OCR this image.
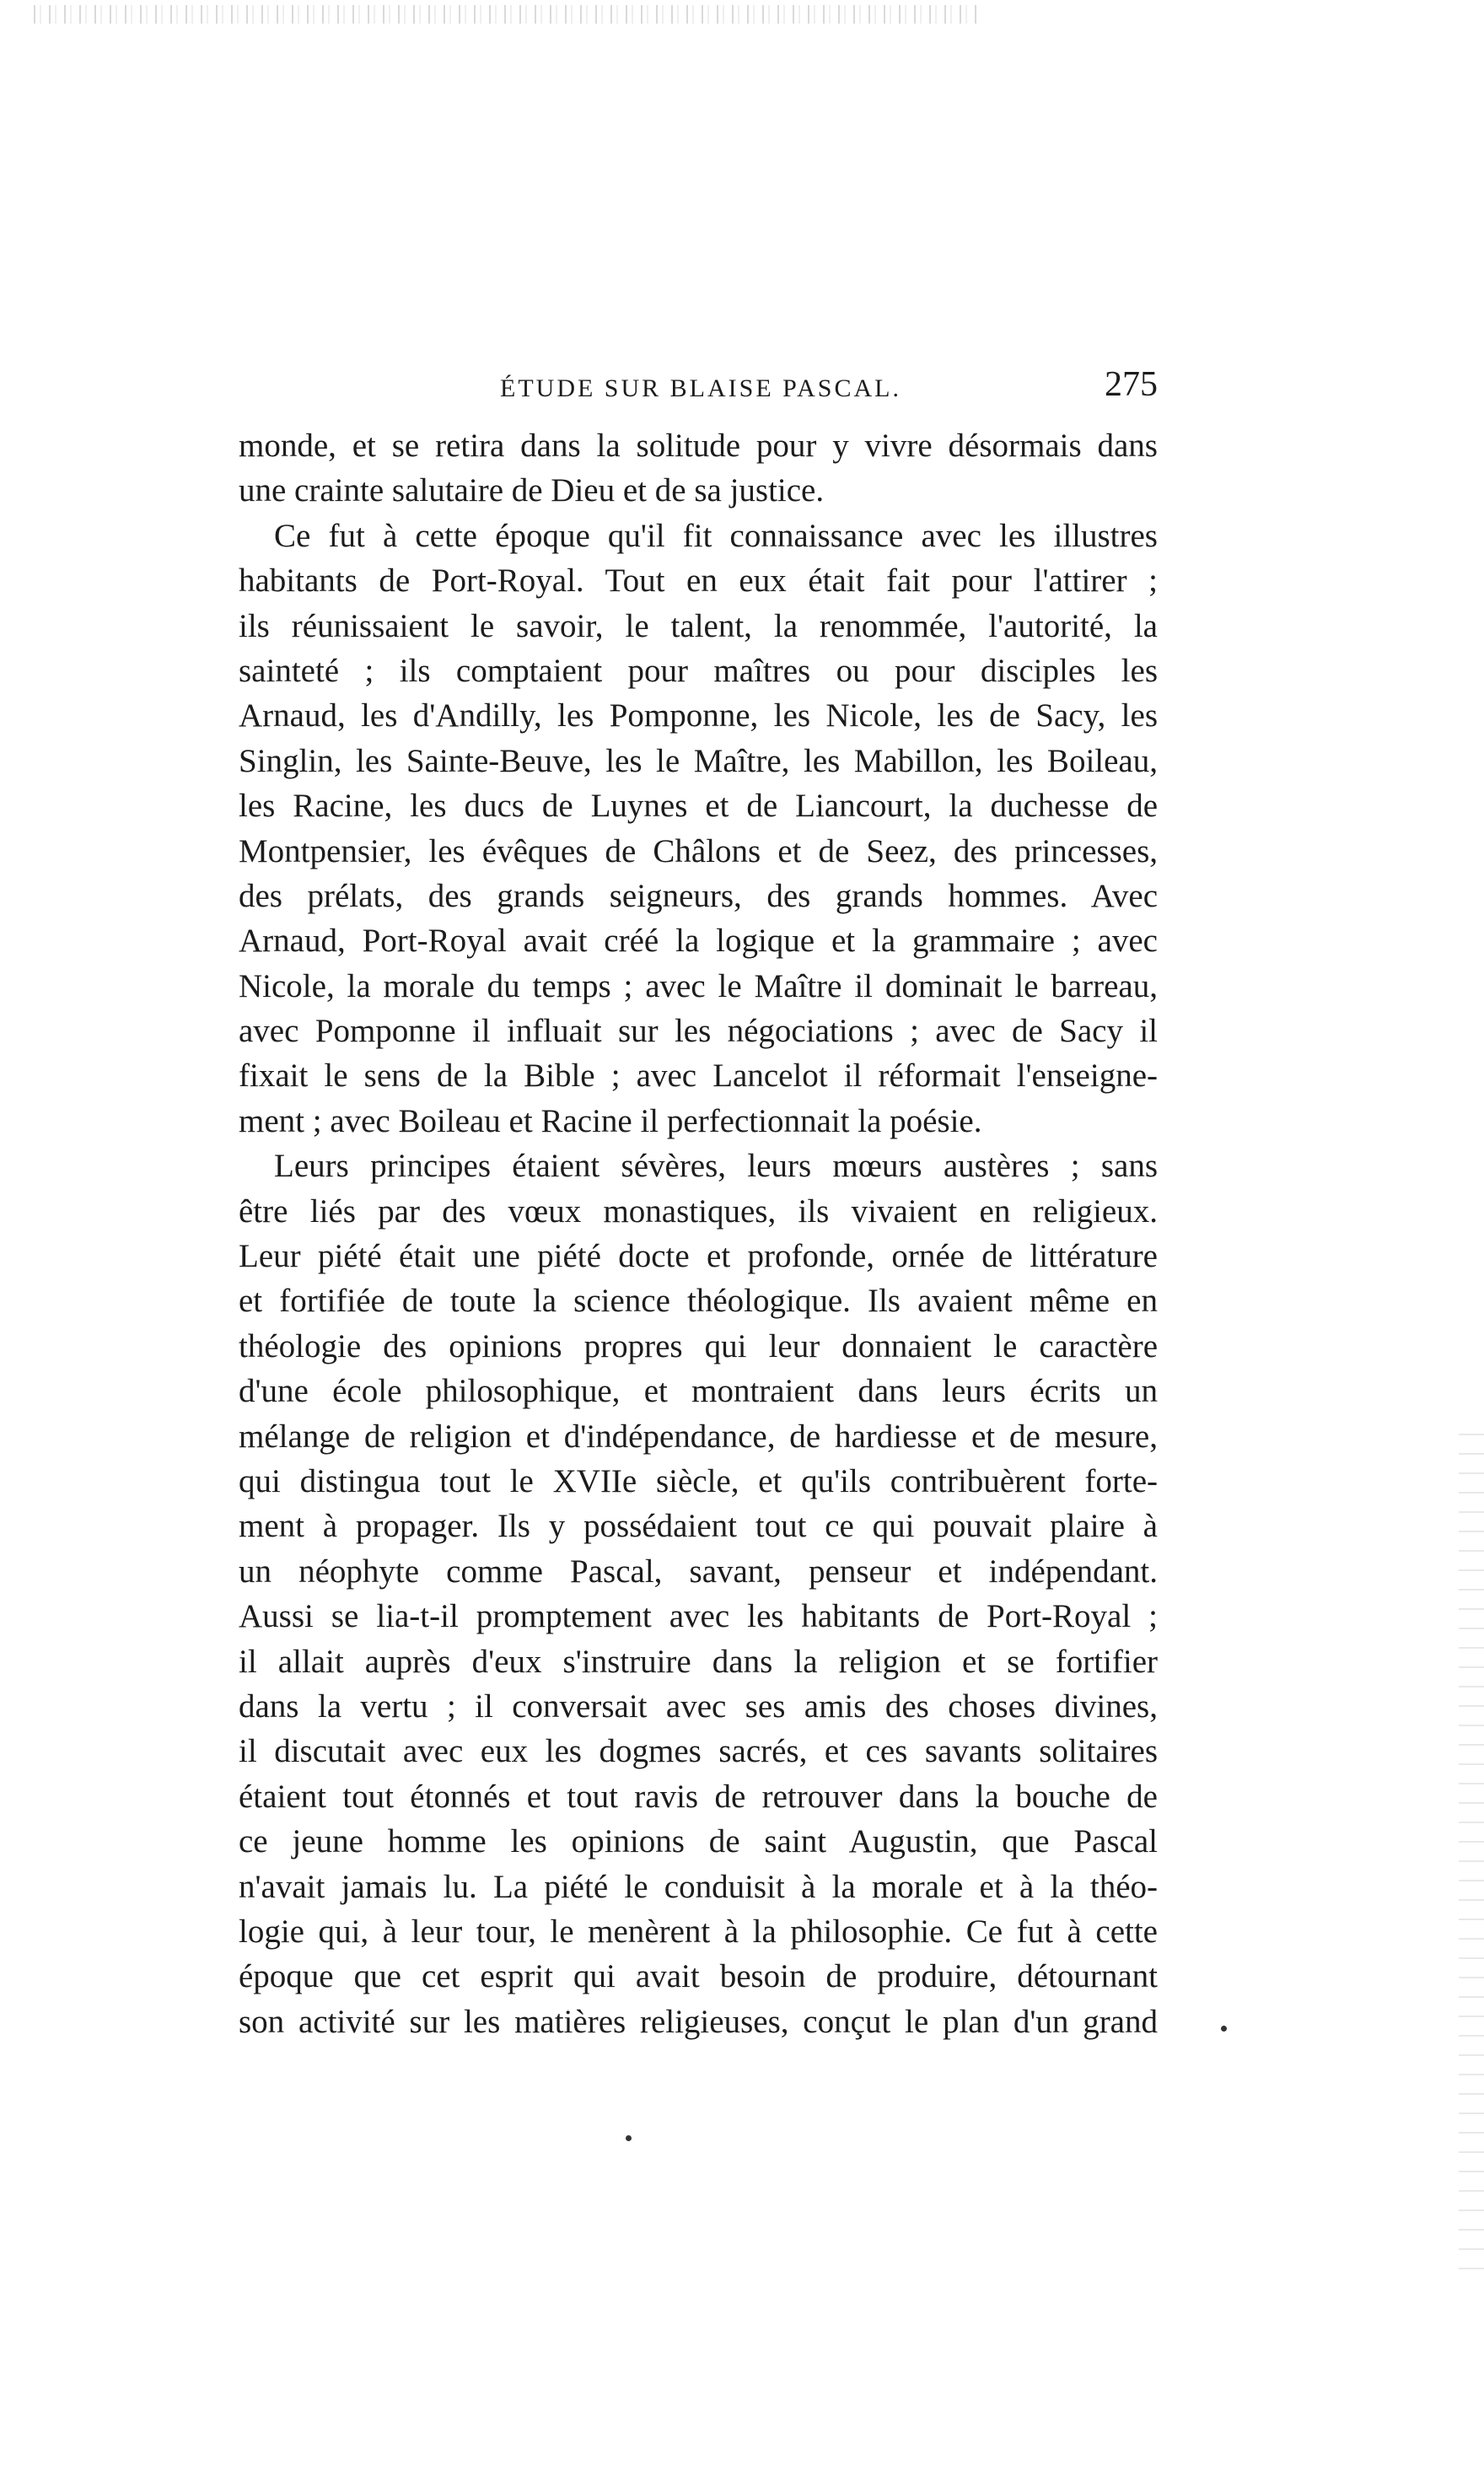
ÉTUDE SUR BLAISE PASCAL.	275
monde, et se retira dans la solitude pour y vivre désormais dans
une crainte salutaire de Dieu et de sa justice.
Ce fut à cette époque qu'il fit connaissance avec les illustres
habitants de Port-Royal. Tout en eux était fait pour l'attirer ;
ils réunissaient le savoir, le talent, la renommée, l'autorité, la
sainteté ; ils comptaient pour maîtres ou pour disciples les
Arnaud, les d'Andilly, les Pomponne, les Nicole, les de Sacy, les
Singlin, les Sainte-Beuve, les le Maître, les Mabillon, les Boileau,
les Racine, les ducs de Luynes et de Liancourt, la duchesse de
Montpensier, les évêques de Châlons et de Seez, des princesses,
des prélats, des grands seigneurs, des grands hommes. Avec
Arnaud, Port-Royal avait créé la logique et la grammaire ; avec
Nicole, la morale du temps ; avec le Maître il dominait le barreau,
avec Pomponne il influait sur les négociations ; avec de Sacy il
fixait le sens de la Bible ; avec Lancelot il réformait l'enseigne-
ment ; avec Boileau et Racine il perfectionnait la poésie.
Leurs principes étaient sévères, leurs mœurs austères ; sans
être liés par des vœux monastiques, ils vivaient en religieux.
Leur piété était une piété docte et profonde, ornée de littérature
et fortifiée de toute la science théologique. Ils avaient même en
théologie des opinions propres qui leur donnaient le caractère
d'une école philosophique, et montraient dans leurs écrits un
mélange de religion et d'indépendance, de hardiesse et de mesure,
qui distingua tout le XVIIe siècle, et qu'ils contribuèrent forte-
ment à propager. Ils y possédaient tout ce qui pouvait plaire à
un néophyte comme Pascal, savant, penseur et indépendant.
Aussi se lia-t-il promptement avec les habitants de Port-Royal ;
il allait auprès d'eux s'instruire dans la religion et se fortifier
dans la vertu ; il conversait avec ses amis des choses divines,
il discutait avec eux les dogmes sacrés, et ces savants solitaires
étaient tout étonnés et tout ravis de retrouver dans la bouche de
ce jeune homme les opinions de saint Augustin, que Pascal
n'avait jamais lu. La piété le conduisit à la morale et à la théo-
logie qui, à leur tour, le menèrent à la philosophie. Ce fut à cette
époque que cet esprit qui avait besoin de produire, détournant
son activité sur les matières religieuses, conçut le plan d'un grand
